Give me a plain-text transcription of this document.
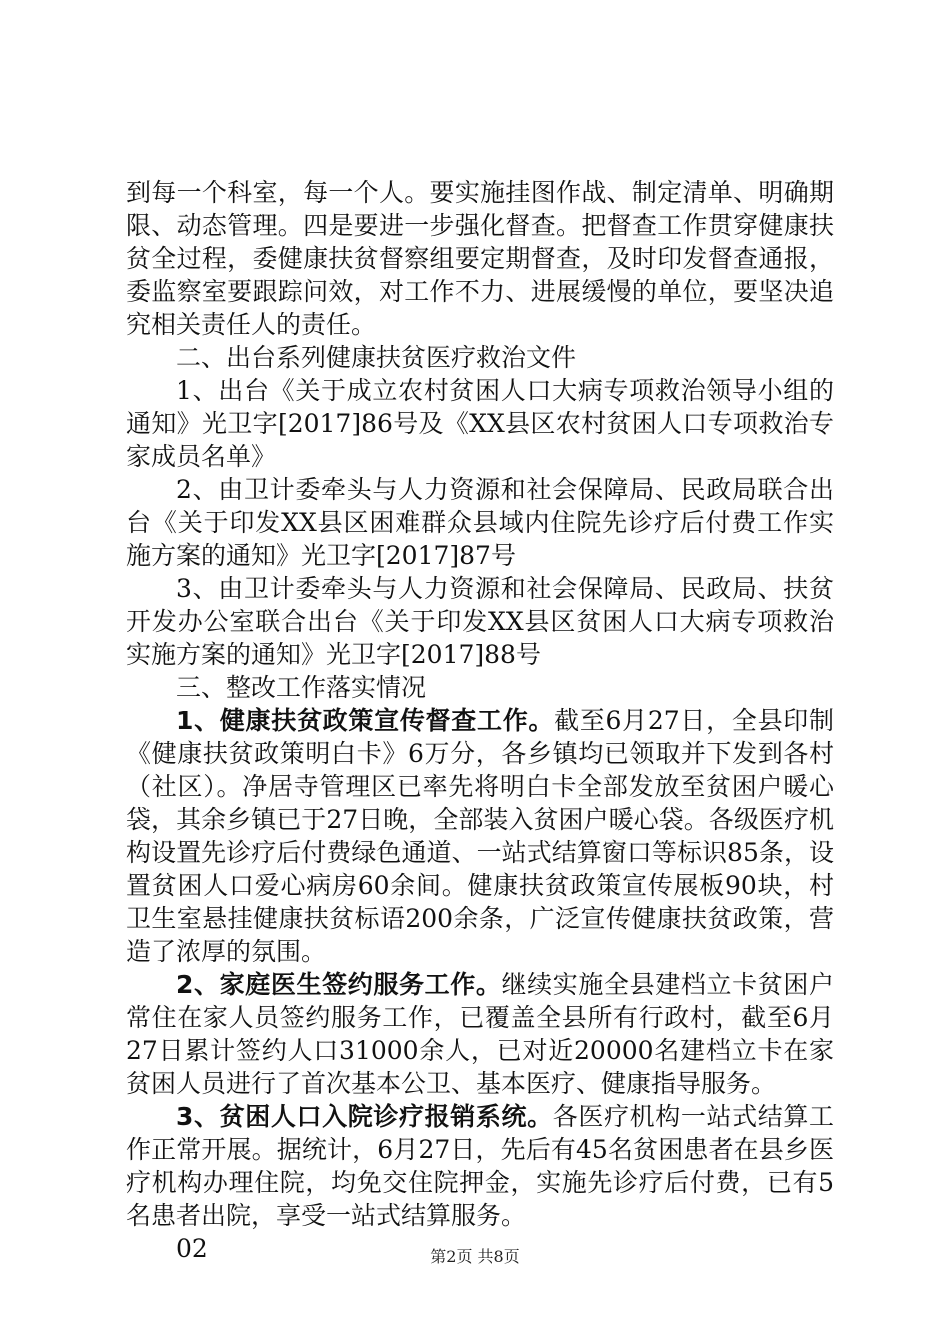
到每一个科室，每一个人。要实施挂图作战、制定清单、明确期限、动态管理。四是要进一步强化督查。把督查工作贯穿健康扶贫全过程，委健康扶贫督察组要定期督查，及时印发督查通报，委监察室要跟踪问效，对工作不力、进展缓慢的单位，要坚决追究相关责任人的责任。

二、出台系列健康扶贫医疗救治文件

1、出台《关于成立农村贫困人口大病专项救治领导小组的通知》光卫字[2017]86号及《XX县区农村贫困人口专项救治专家成员名单》

2、由卫计委牵头与人力资源和社会保障局、民政局联合出台《关于印发XX县区困难群众县域内住院先诊疗后付费工作实施方案的通知》光卫字[2017]87号

3、由卫计委牵头与人力资源和社会保障局、民政局、扶贫开发办公室联合出台《关于印发XX县区贫困人口大病专项救治实施方案的通知》光卫字[2017]88号

三、整改工作落实情况

1、健康扶贫政策宣传督查工作。截至6月27日，全县印制《健康扶贫政策明白卡》6万分，各乡镇均已领取并下发到各村（社区）。净居寺管理区已率先将明白卡全部发放至贫困户暖心袋，其余乡镇已于27日晚，全部装入贫困户暖心袋。各级医疗机构设置先诊疗后付费绿色通道、一站式结算窗口等标识85条，设置贫困人口爱心病房60余间。健康扶贫政策宣传展板90块，村卫生室悬挂健康扶贫标语200余条，广泛宣传健康扶贫政策，营造了浓厚的氛围。

2、家庭医生签约服务工作。继续实施全县建档立卡贫困户常住在家人员签约服务工作，已覆盖全县所有行政村，截至6月27日累计签约人口31000余人，已对近20000名建档立卡在家贫困人员进行了首次基本公卫、基本医疗、健康指导服务。

3、贫困人口入院诊疗报销系统。各医疗机构一站式结算工作正常开展。据统计，6月27日，先后有45名贫困患者在县乡医疗机构办理住院，均免交住院押金，实施先诊疗后付费，已有5名患者出院，享受一站式结算服务。

02	第2页 共8页
